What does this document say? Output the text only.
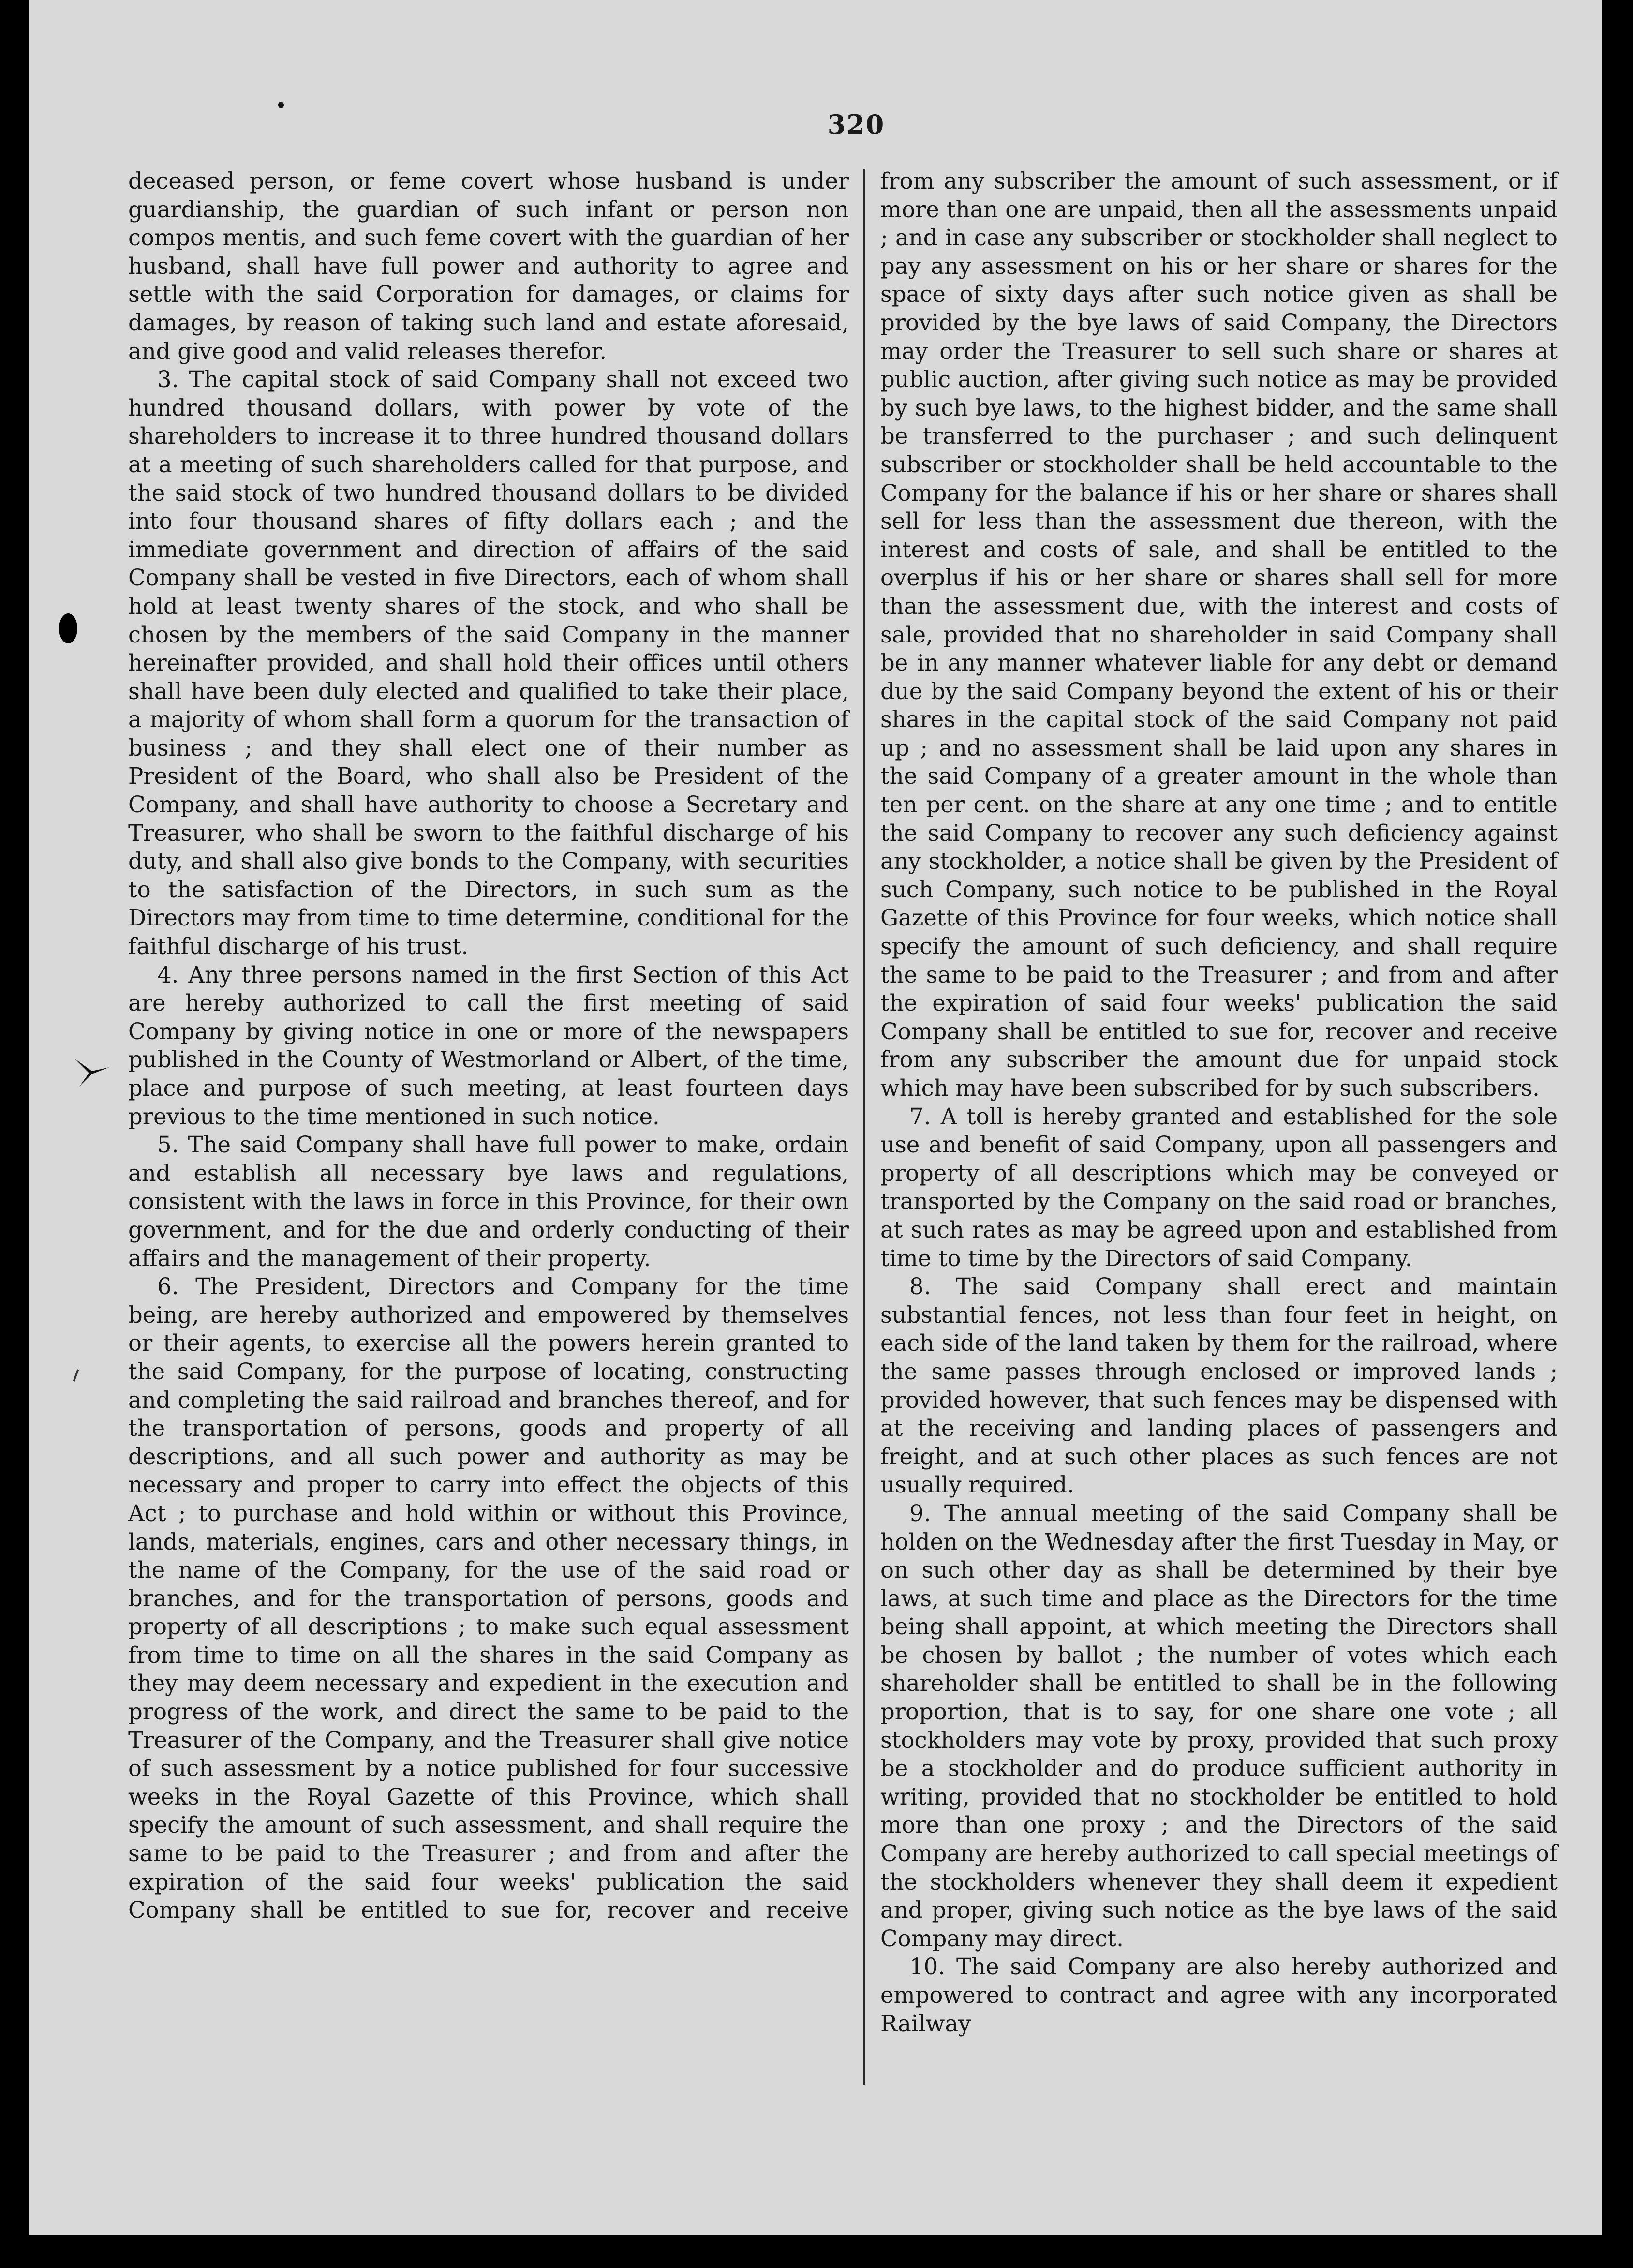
320

deceased person, or feme covert whose husband is under guardianship, the guardian of such infant or person non compos mentis, and such feme covert with the guardian of her husband, shall have full power and authority to agree and settle with the said Corporation for damages, or claims for damages, by reason of taking such land and estate aforesaid, and give good and valid releases therefor.

3. The capital stock of said Company shall not exceed two hundred thousand dollars, with power by vote of the shareholders to increase it to three hundred thousand dollars at a meeting of such shareholders called for that purpose, and the said stock of two hundred thousand dollars to be divided into four thousand shares of fifty dollars each ; and the immediate government and direction of affairs of the said Company shall be vested in five Directors, each of whom shall hold at least twenty shares of the stock, and who shall be chosen by the members of the said Company in the manner hereinafter provided, and shall hold their offices until others shall have been duly elected and qualified to take their place, a majority of whom shall form a quorum for the transaction of business ; and they shall elect one of their number as President of the Board, who shall also be President of the Company, and shall have authority to choose a Secretary and Treasurer, who shall be sworn to the faithful discharge of his duty, and shall also give bonds to the Company, with securities to the satisfaction of the Directors, in such sum as the Directors may from time to time determine, conditional for the faithful discharge of his trust.

4. Any three persons named in the first Section of this Act are hereby authorized to call the first meeting of said Company by giving notice in one or more of the newspapers published in the County of Westmorland or Albert, of the time, place and purpose of such meeting, at least fourteen days previous to the time mentioned in such notice.

5. The said Company shall have full power to make, ordain and establish all necessary bye laws and regulations, consistent with the laws in force in this Province, for their own government, and for the due and orderly conducting of their affairs and the management of their property.

6. The President, Directors and Company for the time being, are hereby authorized and empowered by themselves or their agents, to exercise all the powers herein granted to the said Company, for the purpose of locating, constructing and completing the said railroad and branches thereof, and for the transportation of persons, goods and property of all descriptions, and all such power and authority as may be necessary and proper to carry into effect the objects of this Act ; to purchase and hold within or without this Province, lands, materials, engines, cars and other necessary things, in the name of the Company, for the use of the said road or branches, and for the transportation of persons, goods and property of all descriptions ; to make such equal assessment from time to time on all the shares in the said Company as they may deem necessary and expedient in the execution and progress of the work, and direct the same to be paid to the Treasurer of the Company, and the Treasurer shall give notice of such assessment by a notice published for four successive weeks in the Royal Gazette of this Province, which shall specify the amount of such assessment, and shall require the same to be paid to the Treasurer ; and from and after the expiration of the said four weeks' publication the said Company shall be entitled to sue for, recover and receive

from any subscriber the amount of such assessment, or if more than one are unpaid, then all the assessments unpaid ; and in case any subscriber or stockholder shall neglect to pay any assessment on his or her share or shares for the space of sixty days after such notice given as shall be provided by the bye laws of said Company, the Directors may order the Treasurer to sell such share or shares at public auction, after giving such notice as may be provided by such bye laws, to the highest bidder, and the same shall be transferred to the purchaser ; and such delinquent subscriber or stockholder shall be held accountable to the Company for the balance if his or her share or shares shall sell for less than the assessment due thereon, with the interest and costs of sale, and shall be entitled to the overplus if his or her share or shares shall sell for more than the assessment due, with the interest and costs of sale, provided that no shareholder in said Company shall be in any manner whatever liable for any debt or demand due by the said Company beyond the extent of his or their shares in the capital stock of the said Company not paid up ; and no assessment shall be laid upon any shares in the said Company of a greater amount in the whole than ten per cent. on the share at any one time ; and to entitle the said Company to recover any such deficiency against any stockholder, a notice shall be given by the President of such Company, such notice to be published in the Royal Gazette of this Province for four weeks, which notice shall specify the amount of such deficiency, and shall require the same to be paid to the Treasurer ; and from and after the expiration of said four weeks' publication the said Company shall be entitled to sue for, recover and receive from any subscriber the amount due for unpaid stock which may have been subscribed for by such subscribers.

7. A toll is hereby granted and established for the sole use and benefit of said Company, upon all passengers and property of all descriptions which may be conveyed or transported by the Company on the said road or branches, at such rates as may be agreed upon and established from time to time by the Directors of said Company.

8. The said Company shall erect and maintain substantial fences, not less than four feet in height, on each side of the land taken by them for the railroad, where the same passes through enclosed or improved lands ; provided however, that such fences may be dispensed with at the receiving and landing places of passengers and freight, and at such other places as such fences are not usually required.

9. The annual meeting of the said Company shall be holden on the Wednesday after the first Tuesday in May, or on such other day as shall be determined by their bye laws, at such time and place as the Directors for the time being shall appoint, at which meeting the Directors shall be chosen by ballot ; the number of votes which each shareholder shall be entitled to shall be in the following proportion, that is to say, for one share one vote ; all stockholders may vote by proxy, provided that such proxy be a stockholder and do produce sufficient authority in writing, provided that no stockholder be entitled to hold more than one proxy ; and the Directors of the said Company are hereby authorized to call special meetings of the stockholders whenever they shall deem it expedient and proper, giving such notice as the bye laws of the said Company may direct.

10. The said Company are also hereby authorized and empowered to contract and agree with any incorporated Railway
